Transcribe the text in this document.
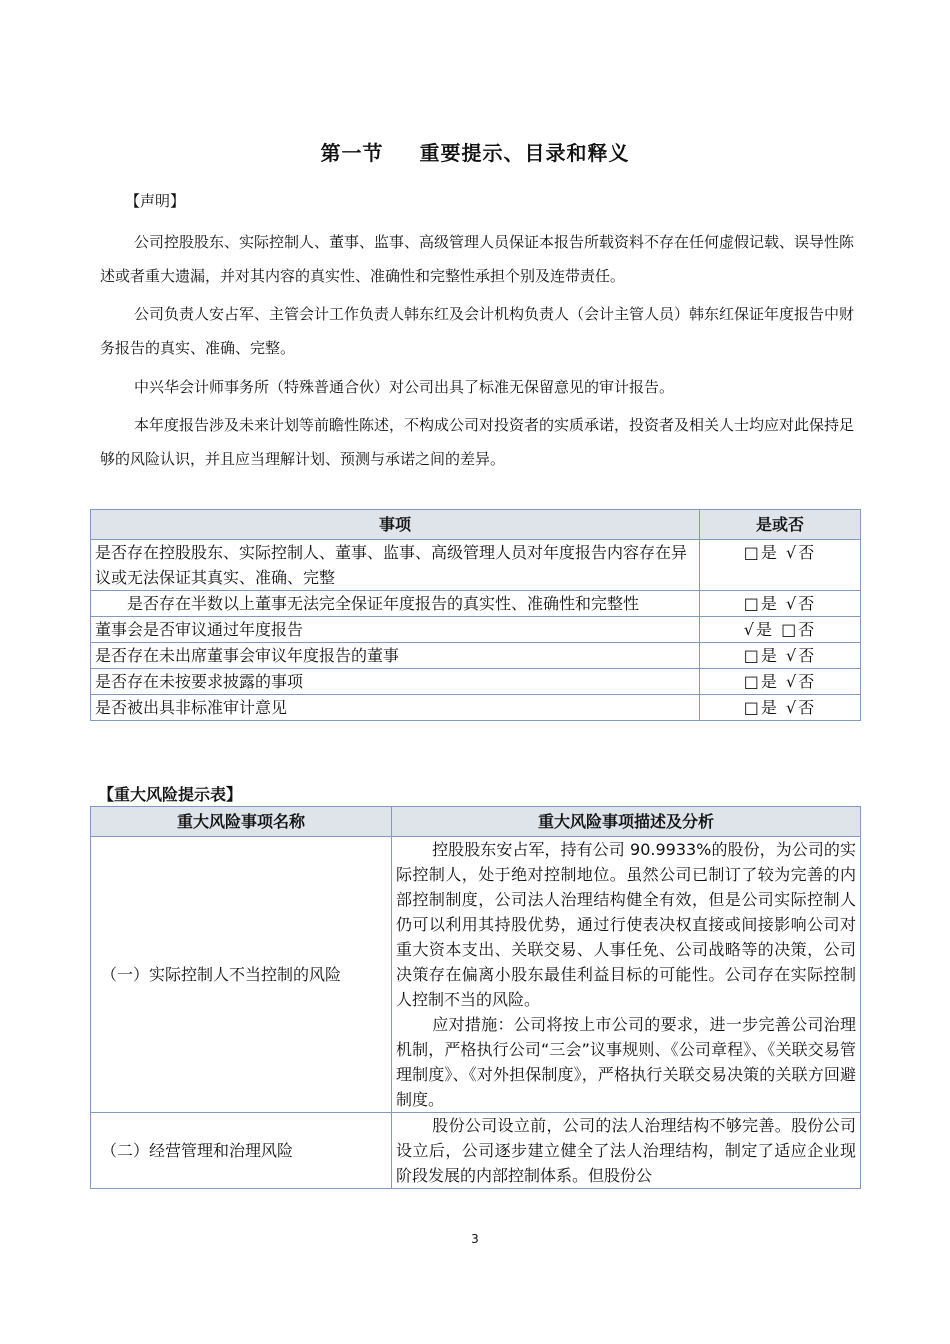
第一节 重要提示、目录和释义
【声明】
公司控股股东、实际控制人、董事、监事、高级管理人员保证本报告所载资料不存在任何虚假记载、误导性陈述或者重大遗漏，并对其内容的真实性、准确性和完整性承担个别及连带责任。
公司负责人安占军、主管会计工作负责人韩东红及会计机构负责人（会计主管人员）韩东红保证年度报告中财务报告的真实、准确、完整。
中兴华会计师事务所（特殊普通合伙）对公司出具了标准无保留意见的审计报告。
本年度报告涉及未来计划等前瞻性陈述，不构成公司对投资者的实质承诺，投资者及相关人士均应对此保持足够的风险认识，并且应当理解计划、预测与承诺之间的差异。
事项	是或否
是否存在控股股东、实际控制人、董事、监事、高级管理人员对年度报告内容存在异议或无法保证其真实、准确、完整	□是 √否
　　是否存在半数以上董事无法完全保证年度报告的真实性、准确性和完整性	□是 √否
董事会是否审议通过年度报告	√是 □否
是否存在未出席董事会审议年度报告的董事	□是 √否
是否存在未按要求披露的事项	□是 √否
是否被出具非标准审计意见	□是 √否
【重大风险提示表】
重大风险事项名称	重大风险事项描述及分析
（一）实际控制人不当控制的风险	控股股东安占军，持有公司 90.9933%的股份，为公司的实际控制人，处于绝对控制地位。虽然公司已制订了较为完善的内部控制制度，公司法人治理结构健全有效，但是公司实际控制人仍可以利用其持股优势，通过行使表决权直接或间接影响公司对重大资本支出、关联交易、人事任免、公司战略等的决策，公司决策存在偏离小股东最佳利益目标的可能性。公司存在实际控制人控制不当的风险。
应对措施：公司将按上市公司的要求，进一步完善公司治理机制，严格执行公司“三会”议事规则、《公司章程》、《关联交易管理制度》、《对外担保制度》，严格执行关联交易决策的关联方回避制度。

（二）经营管理和治理风险	股份公司设立前，公司的法人治理结构不够完善。股份公司设立后，公司逐步建立健全了法人治理结构，制定了适应企业现阶段发展的内部控制体系。但股份公
3
